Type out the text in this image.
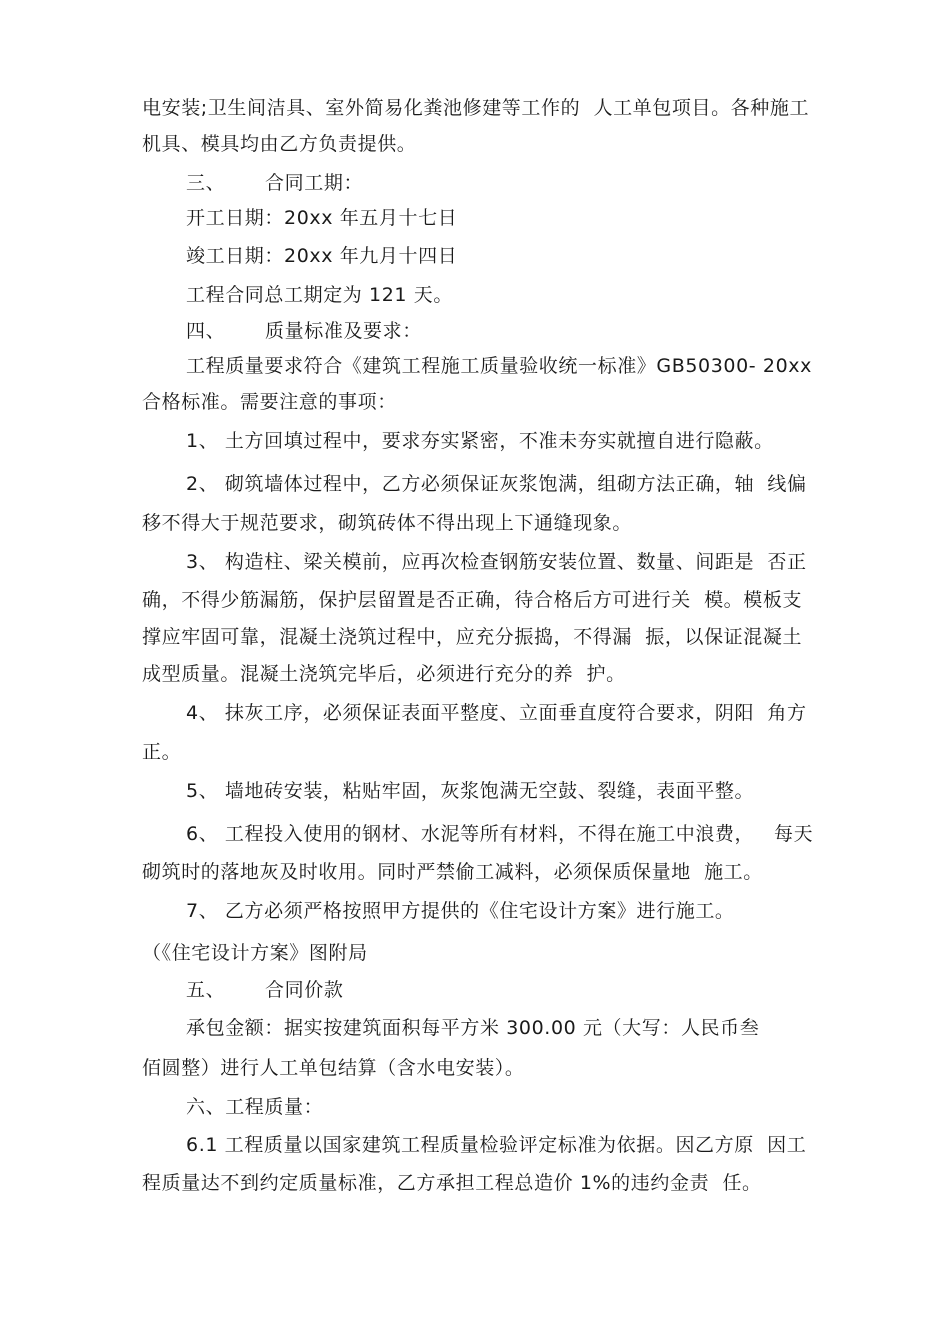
电安装;卫生间洁具、室外简易化粪池修建等工作的  人工单包项目。各种施工
机具、模具均由乙方负责提供。
三、      合同工期：
开工日期：20xx 年五月十七日
竣工日期：20xx 年九月十四日
工程合同总工期定为 121 天。
四、      质量标准及要求：
工程质量要求符合《建筑工程施工质量验收统一标准》GB50300- 20xx
合格标准。需要注意的事项：
1、 土方回填过程中，要求夯实紧密，不准未夯实就擅自进行隐蔽。
2、 砌筑墙体过程中，乙方必须保证灰浆饱满，组砌方法正确，轴  线偏
移不得大于规范要求，砌筑砖体不得出现上下通缝现象。
3、 构造柱、梁关模前，应再次检查钢筋安装位置、数量、间距是  否正
确，不得少筋漏筋，保护层留置是否正确，待合格后方可进行关  模。模板支
撑应牢固可靠，混凝土浇筑过程中，应充分振捣，不得漏  振，以保证混凝土
成型质量。混凝土浇筑完毕后，必须进行充分的养  护。
4、 抹灰工序，必须保证表面平整度、立面垂直度符合要求，阴阳  角方
正。
5、 墙地砖安装，粘贴牢固，灰浆饱满无空鼓、裂缝，表面平整。
6、 工程投入使用的钢材、水泥等所有材料，不得在施工中浪费，   每天
砌筑时的落地灰及时收用。同时严禁偷工减料，必须保质保量地  施工。
7、 乙方必须严格按照甲方提供的《住宅设计方案》进行施工。
（《住宅设计方案》图附局
五、      合同价款
承包金额：据实按建筑面积每平方米 300.00 元（大写：人民币叁
佰圆整）进行人工单包结算（含水电安装）。
六、工程质量：
6.1 工程质量以国家建筑工程质量检验评定标准为依据。因乙方原  因工
程质量达不到约定质量标准，乙方承担工程总造价 1%的违约金责  任。
